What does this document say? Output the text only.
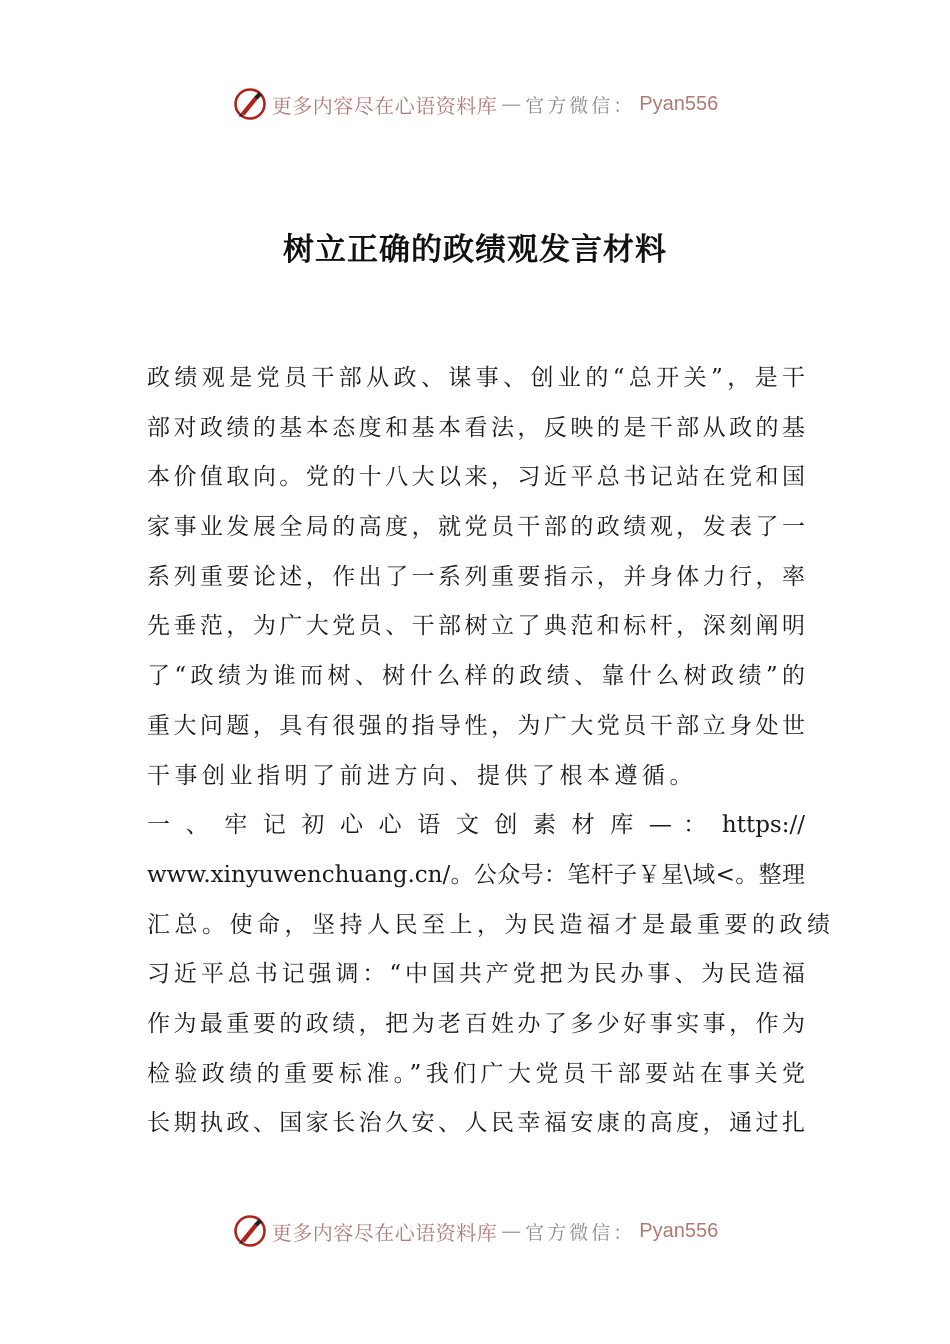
更多内容尽在心语资料库 — 官方微信： Pyan556
树立正确的政绩观发言材料
政绩观是党员干部从政、谋事、创业的“总开关”，是干
部对政绩的基本态度和基本看法，反映的是干部从政的基
本价值取向。党的十八大以来，习近平总书记站在党和国
家事业发展全局的高度，就党员干部的政绩观，发表了一
系列重要论述，作出了一系列重要指示，并身体力行，率
先垂范，为广大党员、干部树立了典范和标杆，深刻阐明
了“政绩为谁而树、树什么样的政绩、靠什么树政绩”的
重大问题，具有很强的指导性，为广大党员干部立身处世
干事创业指明了前进方向、提供了根本遵循。
一 、 牢 记 初 心 心 语 文 创 素 材 库 — ： https://
www.xinyuwenchuang.cn/。公众号：笔杆子￥星\域<。整理
汇总。使命，坚持人民至上，为民造福才是最重要的政绩
习近平总书记强调：“中国共产党把为民办事、为民造福
作为最重要的政绩，把为老百姓办了多少好事实事，作为
检验政绩的重要标准。”我们广大党员干部要站在事关党
长期执政、国家长治久安、人民幸福安康的高度，通过扎
更多内容尽在心语资料库 — 官方微信： Pyan556
